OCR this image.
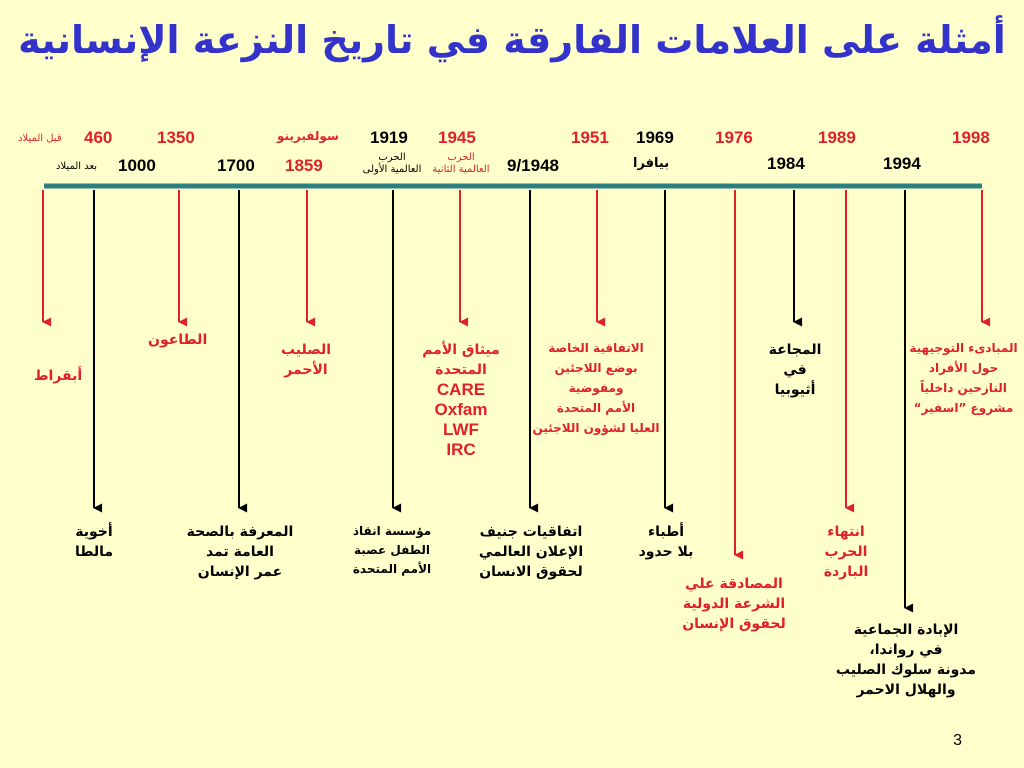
أمثلة على العلامات الفارقة في تاريخ النزعة الإنسانية
460
قبل الميلاد	1350	سولفيرينو 1919 1945	1951 1969 1976	1989	1998
1000
بعد الميلاد	1700 1859	9/1948	بيافرا	1984	1994
الحرب
العالمية الأولى
الحرب
العالمية الثانية
أبقراط
الطاعون
الصليب
الأحمر
ميثاق الأمم
المتحدة
CARE
Oxfam
LWF
IRC
الاتفاقية الخاصة
بوضع اللاجئين
ومفوضية
الأمم المتحدة
العليا لشؤون اللاجئين
المجاعة
في
أثيوبيا
المبادىء التوجيهية
حول الأفراد
النازحين داخلياً
مشروع ”اسفير“
أخوية
مالطا
المعرفة بالصحة
العامة تمد
عمر الإنسان
مؤسسة انقاذ
الطفل عصبة
الأمم المتحدة
اتفاقيات جنيف
الإعلان العالمي
لحقوق الانسان
أطباء
بلا حدود
المصادقة علي
الشرعة الدولية
لحقوق الإنسان
انتهاء
الحرب
الباردة
الإبادة الجماعية
في رواندا،
مدونة سلوك الصليب
والهلال الاحمر
3
